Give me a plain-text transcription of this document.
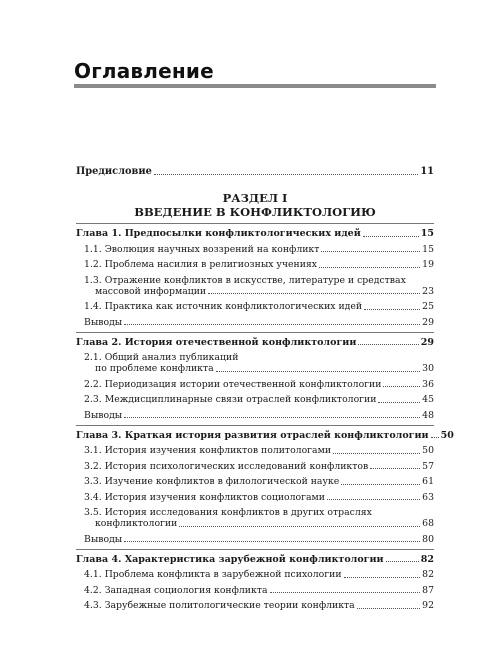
Оглавление
Предисловие	11
РАЗДЕЛ I
ВВЕДЕНИЕ В КОНФЛИКТОЛОГИЮ
Глава 1. Предпосылки конфликтологических идей	15
1.1. Эволюция научных воззрений на конфликт	15
1.2. Проблема насилия в религиозных учениях	19
1.3. Отражение конфликтов в искусстве, литературе и средствах
массовой информации	23
1.4. Практика как источник конфликтологических идей	25
Выводы	29
Глава 2. История отечественной конфликтологии	29
2.1. Общий анализ публикаций
по проблеме конфликта	30
2.2. Периодизация истории отечественной конфликтологии	36
2.3. Междисциплинарные связи отраслей конфликтологии	45
Выводы	48
Глава 3. Краткая история развития отраслей конфликтологии 50
3.1. История изучения конфликтов политологами	50
3.2. История психологических исследований конфликтов	57
3.3. Изучение конфликтов в филологической науке	61
3.4. История изучения конфликтов социологами	63
3.5. История исследования конфликтов в других отраслях
конфликтологии	68
Выводы	80
Глава 4. Характеристика зарубежной конфликтологии	82
4.1. Проблема конфликта в зарубежной психологии	82
4.2. Западная социология конфликта	87
4.3. Зарубежные политологические теории конфликта	92
